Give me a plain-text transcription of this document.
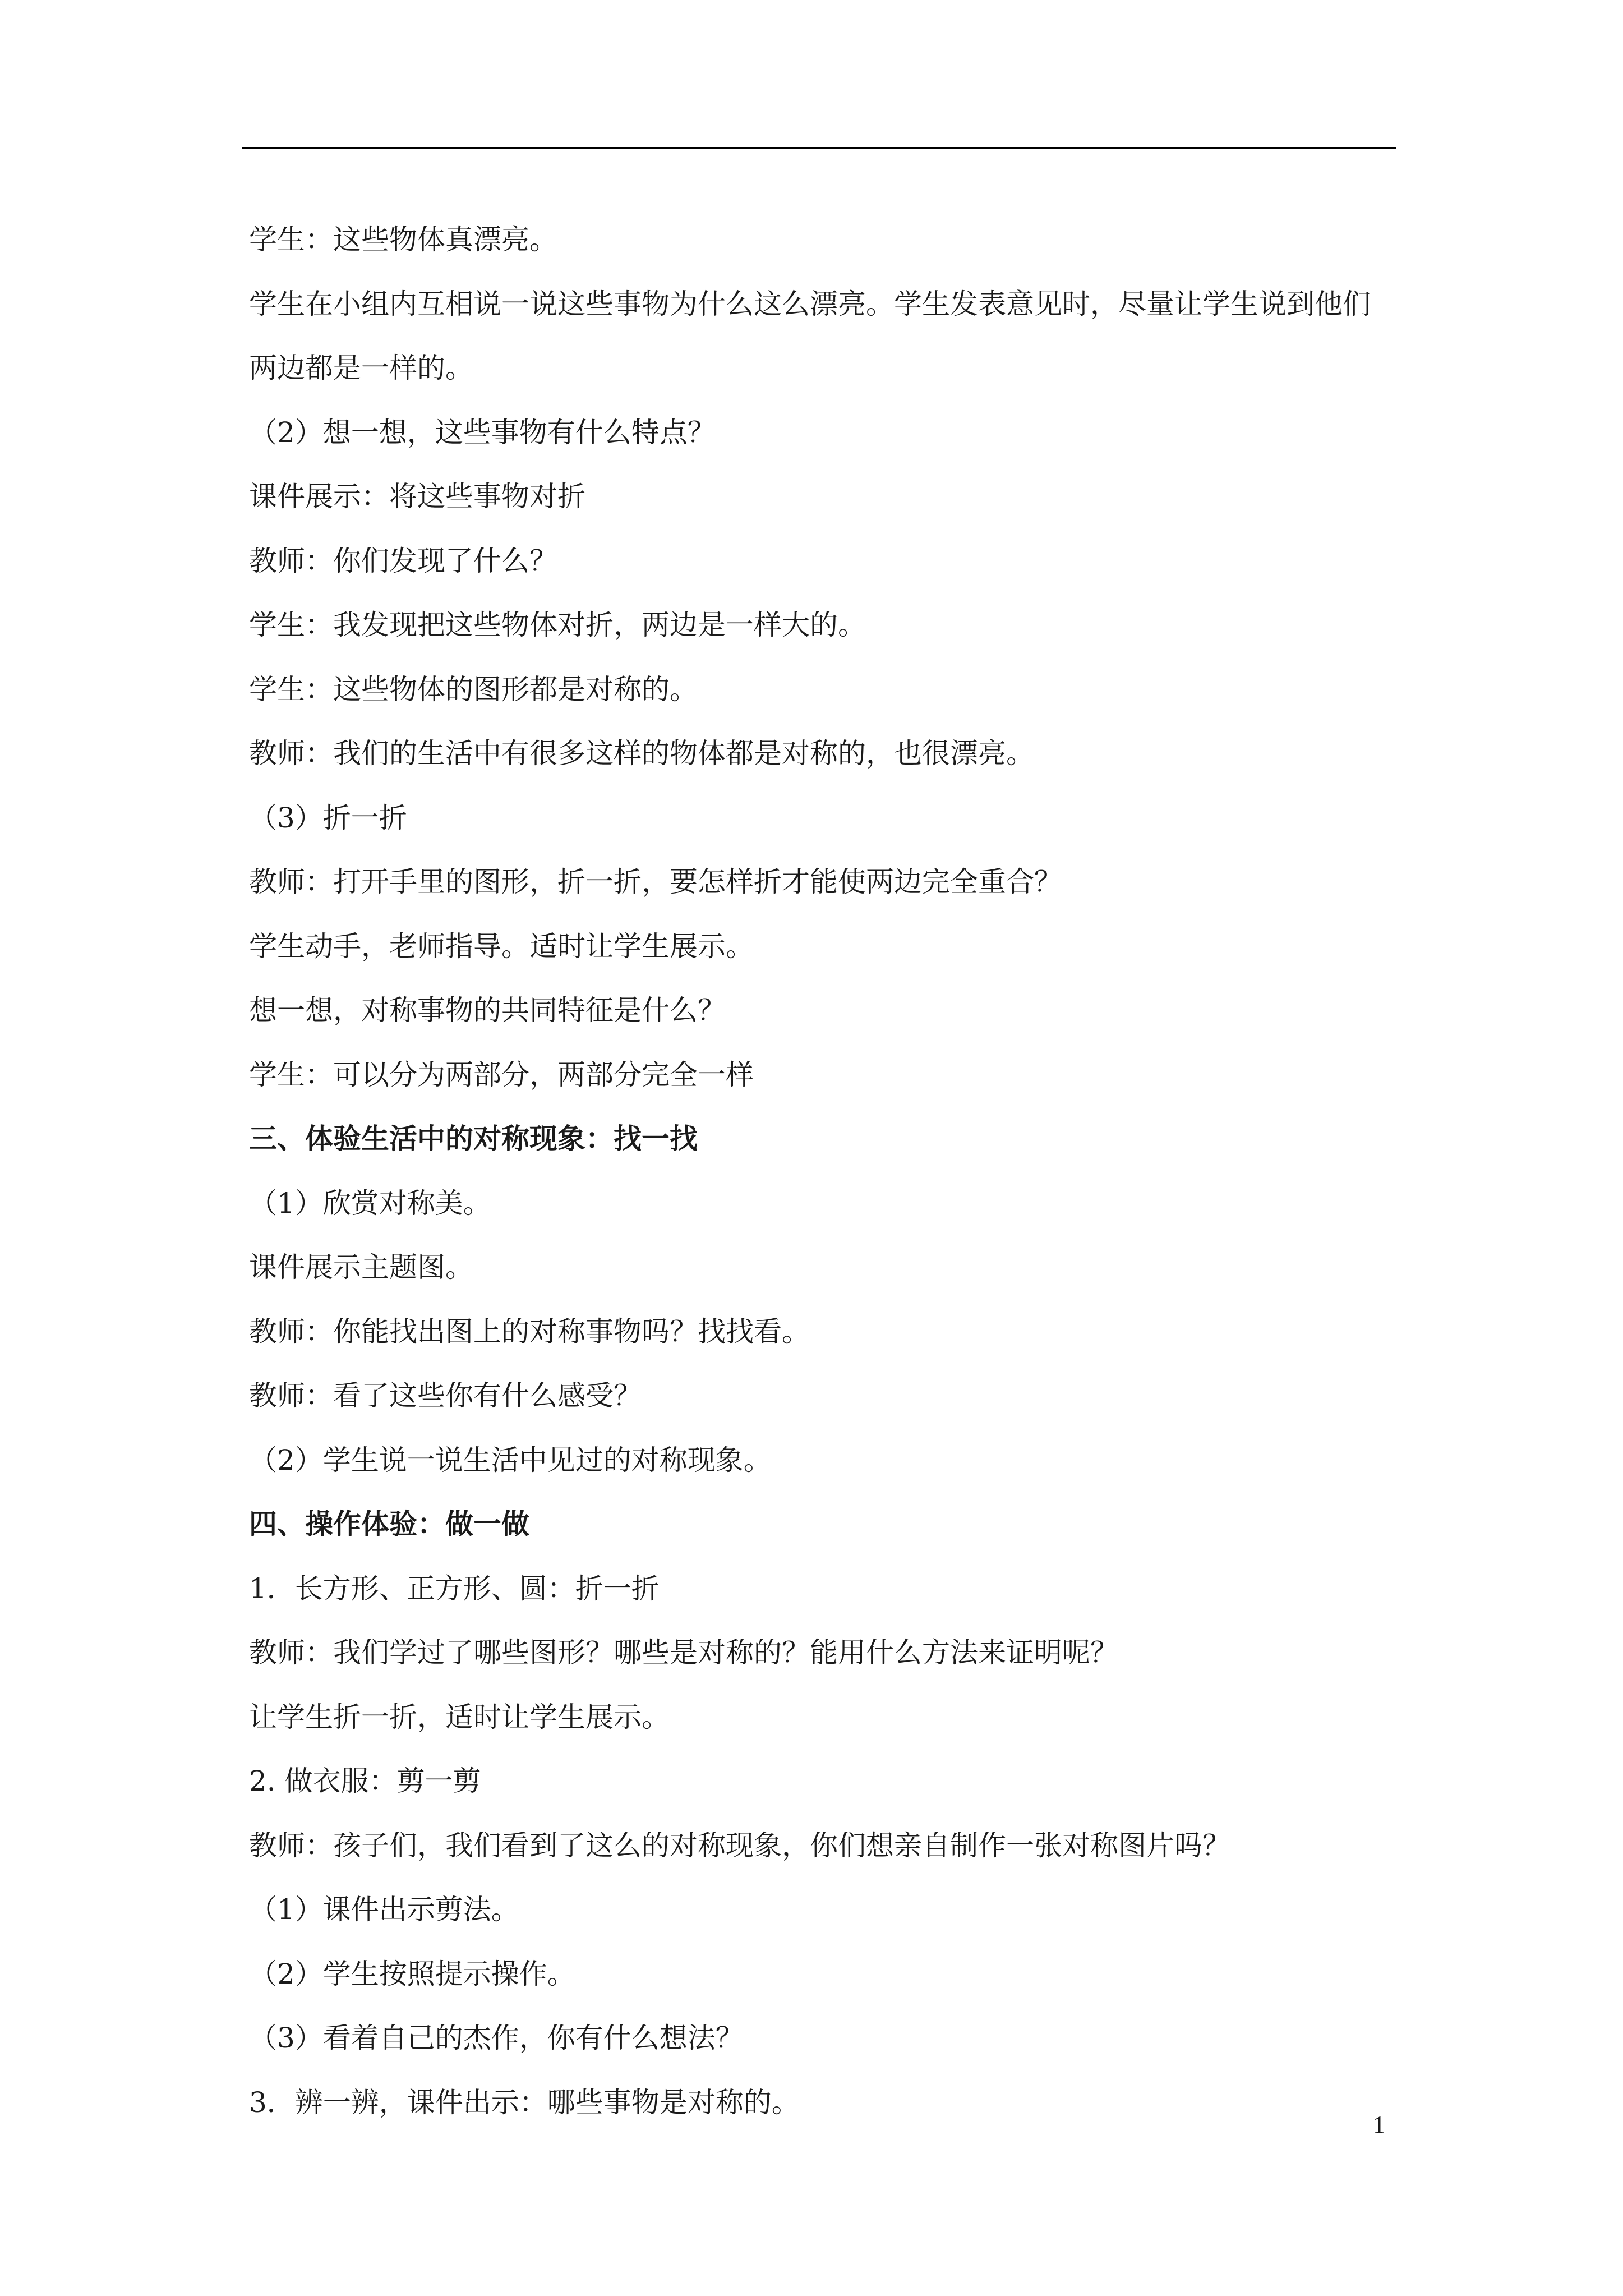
学生：这些物体真漂亮。

学生在小组内互相说一说这些事物为什么这么漂亮。学生发表意见时，尽量让学生说到他们两边都是一样的。

（2）想一想，这些事物有什么特点？

课件展示：将这些事物对折

教师：你们发现了什么？

学生：我发现把这些物体对折，两边是一样大的。

学生：这些物体的图形都是对称的。

教师：我们的生活中有很多这样的物体都是对称的，也很漂亮。

（3）折一折

教师：打开手里的图形，折一折，要怎样折才能使两边完全重合？

学生动手，老师指导。适时让学生展示。

想一想，对称事物的共同特征是什么？

学生：可以分为两部分，两部分完全一样

三、体验生活中的对称现象：找一找

（1）欣赏对称美。

课件展示主题图。

教师：你能找出图上的对称事物吗？找找看。

教师：看了这些你有什么感受？

（2）学生说一说生活中见过的对称现象。

四、操作体验：做一做

1．长方形、正方形、圆：折一折

教师：我们学过了哪些图形？哪些是对称的？能用什么方法来证明呢？

让学生折一折，适时让学生展示。

2. 做衣服：剪一剪

教师：孩子们，我们看到了这么的对称现象，你们想亲自制作一张对称图片吗？

（1）课件出示剪法。

（2）学生按照提示操作。

（3）看着自己的杰作，你有什么想法？

3．辨一辨，课件出示：哪些事物是对称的。

1
